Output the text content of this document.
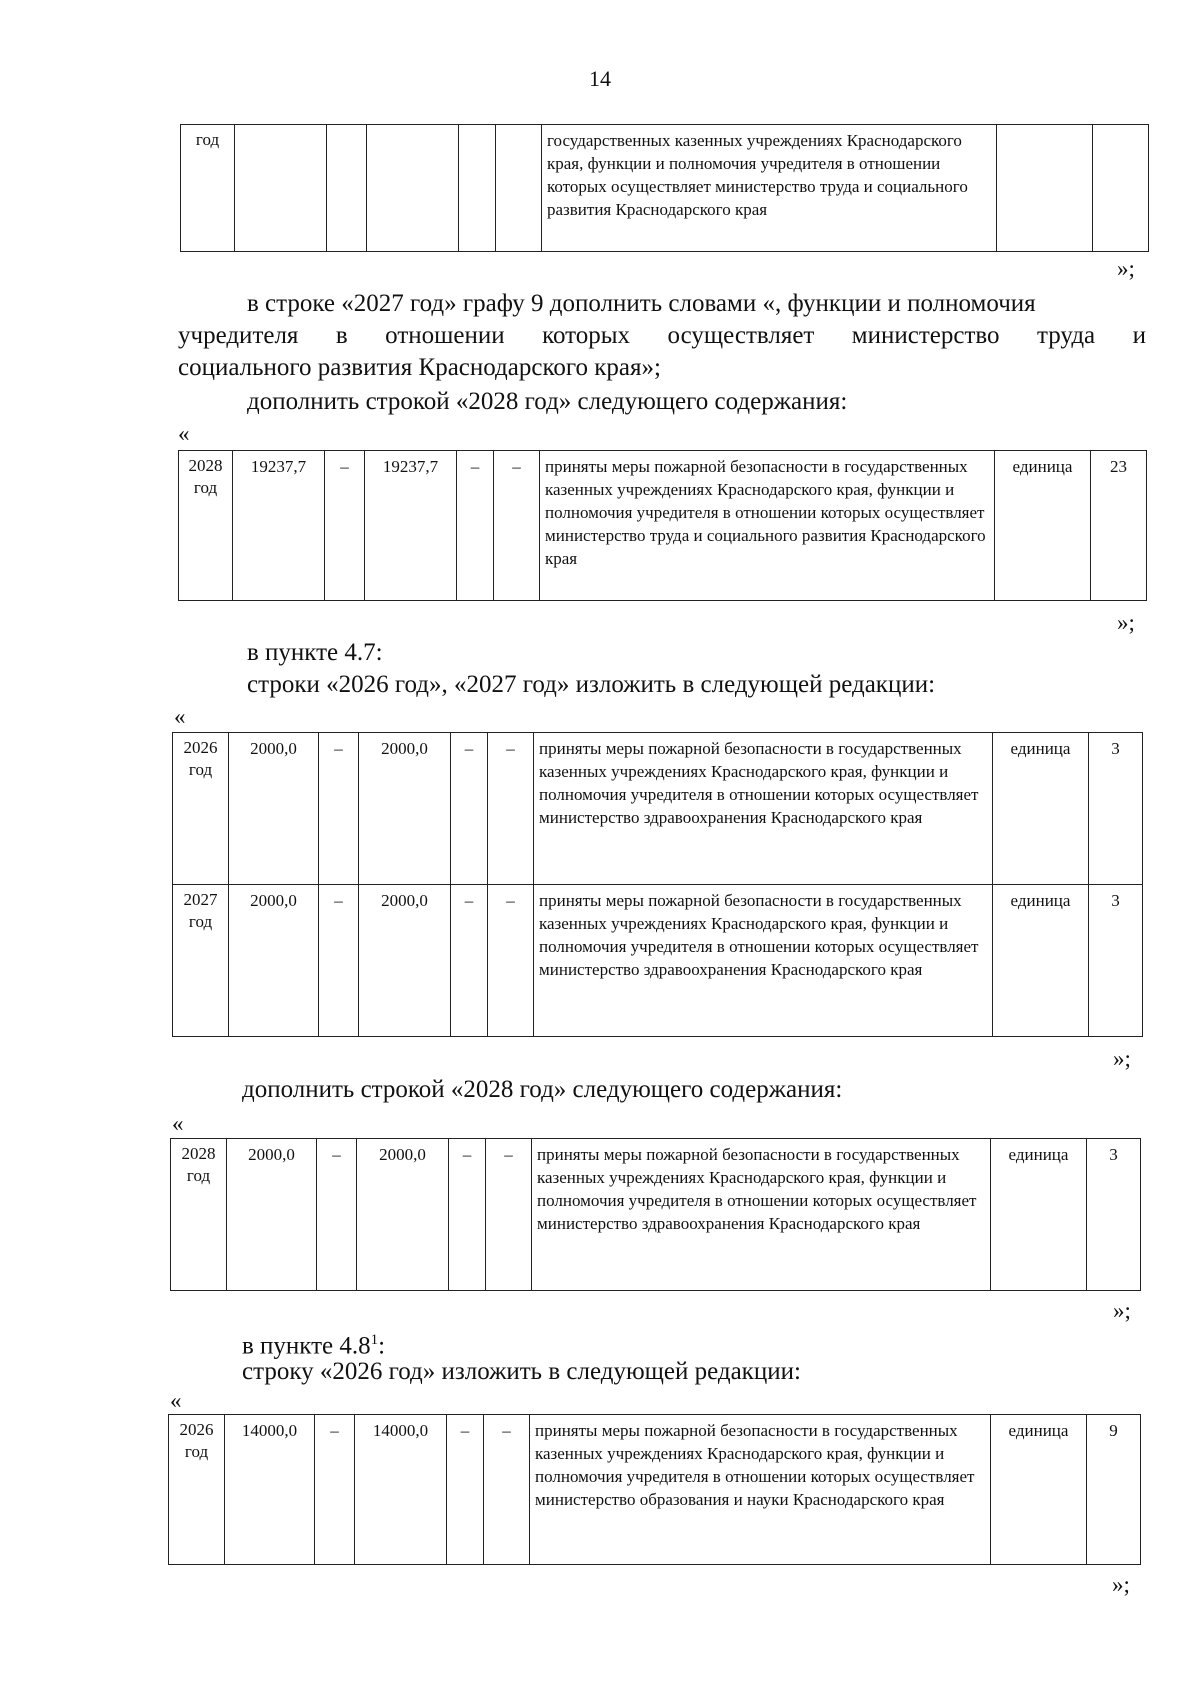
14
год						государственных казенных учреждениях Краснодарского края, функции и полномочия учредителя в отношении которых осуществляет министерство труда и социального развития Краснодарского края		
»;
в строке «2027 год» графу 9 дополнить словами «, функции и полномочия
учредителя в отношении которых осуществляет министерство труда и
социального развития Краснодарского края»;
дополнить строкой «2028 год» следующего содержания:
«
2028 год	19237,7	–	19237,7	–	–	приняты меры пожарной безопасности в государственных казенных учреждениях Краснодарского края, функции и полномочия учредителя в отношении которых осуществляет министерство труда и социального развития Краснодарского края	единица	23
»;
в пункте 4.7:
строки «2026 год», «2027 год» изложить в следующей редакции:
«
2026 год	2000,0	–	2000,0	–	–	приняты меры пожарной безопасности в государственных казенных учреждениях Краснодарского края, функции и полномочия учредителя в отношении которых осуществляет министерство здравоохранения Краснодарского края	единица	3
2027 год	2000,0	–	2000,0	–	–	приняты меры пожарной безопасности в государственных казенных учреждениях Краснодарского края, функции и полномочия учредителя в отношении которых осуществляет министерство здравоохранения Краснодарского края	единица	3
»;
дополнить строкой «2028 год» следующего содержания:
«
2028 год	2000,0	–	2000,0	–	–	приняты меры пожарной безопасности в государственных казенных учреждениях Краснодарского края, функции и полномочия учредителя в отношении которых осуществляет министерство здравоохранения Краснодарского края	единица	3
»;
в пункте $4.8^1$:
строку «2026 год» изложить в следующей редакции:
«
2026 год	14000,0	–	14000,0	–	–	приняты меры пожарной безопасности в государственных казенных учреждениях Краснодарского края, функции и полномочия учредителя в отношении которых осуществляет министерство образования и науки Краснодарского края	единица	9
»;
